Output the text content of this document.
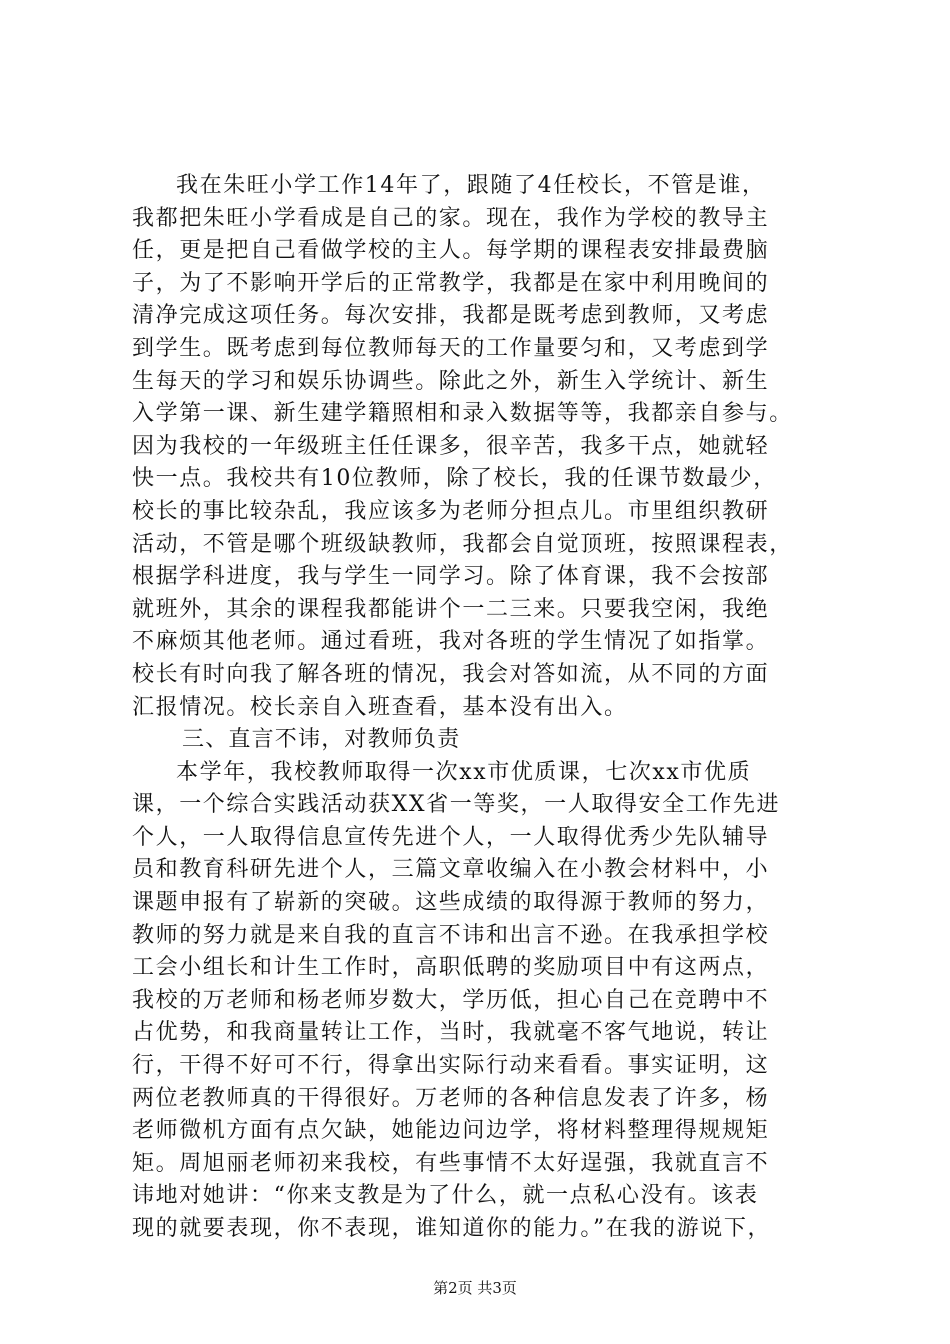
我在朱旺小学工作14年了，跟随了4任校长，不管是谁，
我都把朱旺小学看成是自己的家。现在，我作为学校的教导主
任，更是把自己看做学校的主人。每学期的课程表安排最费脑
子，为了不影响开学后的正常教学，我都是在家中利用晚间的
清净完成这项任务。每次安排，我都是既考虑到教师，又考虑
到学生。既考虑到每位教师每天的工作量要匀和，又考虑到学
生每天的学习和娱乐协调些。除此之外，新生入学统计、新生
入学第一课、新生建学籍照相和录入数据等等，我都亲自参与。
因为我校的一年级班主任任课多，很辛苦，我多干点，她就轻
快一点。我校共有10位教师，除了校长，我的任课节数最少，
校长的事比较杂乱，我应该多为老师分担点儿。市里组织教研
活动，不管是哪个班级缺教师，我都会自觉顶班，按照课程表，
根据学科进度，我与学生一同学习。除了体育课，我不会按部
就班外，其余的课程我都能讲个一二三来。只要我空闲，我绝
不麻烦其他老师。通过看班，我对各班的学生情况了如指掌。
校长有时向我了解各班的情况，我会对答如流，从不同的方面
汇报情况。校长亲自入班查看，基本没有出入。
三、直言不讳，对教师负责
本学年，我校教师取得一次xx市优质课，七次xx市优质
课，一个综合实践活动获XX省一等奖，一人取得安全工作先进
个人，一人取得信息宣传先进个人，一人取得优秀少先队辅导
员和教育科研先进个人，三篇文章收编入在小教会材料中，小
课题申报有了崭新的突破。这些成绩的取得源于教师的努力，
教师的努力就是来自我的直言不讳和出言不逊。在我承担学校
工会小组长和计生工作时，高职低聘的奖励项目中有这两点，
我校的万老师和杨老师岁数大，学历低，担心自己在竞聘中不
占优势，和我商量转让工作，当时，我就毫不客气地说，转让
行，干得不好可不行，得拿出实际行动来看看。事实证明，这
两位老教师真的干得很好。万老师的各种信息发表了许多，杨
老师微机方面有点欠缺，她能边问边学，将材料整理得规规矩
矩。周旭丽老师初来我校，有些事情不太好逞强，我就直言不
讳地对她讲：“你来支教是为了什么，就一点私心没有。该表
现的就要表现，你不表现，谁知道你的能力。”在我的游说下，
第2页 共3页
